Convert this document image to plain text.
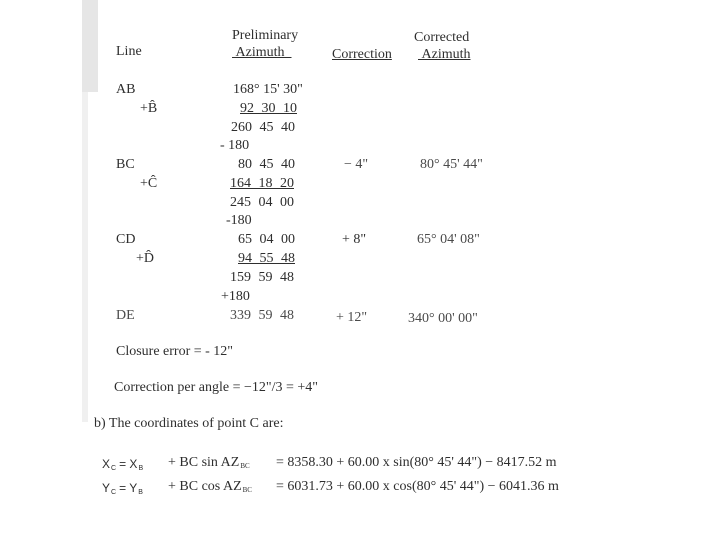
Line
Preliminary
Azimuth	Correction
Corrected
Azimuth
AB	168° 15' 30"
+B̂	92 30 10
260 45 40
- 180
BC	80 45 40	− 4"	80° 45' 44"
+Ĉ	164 18 20
245 04 00
-180
CD	65 04 00	+ 8"	65° 04' 08"
+D̂	94 55 48
159 59 48
+180
DE	339 59 48	+ 12"	340° 00' 00"
Closure error = - 12"
Correction per angle = −12"/3 = +4"
b) The coordinates of point C are:
$X_C = X_B$ + BC $\sin AZ_{BC} = 8358.30 + 60.00$ x sin(80° 45' 44") − 8417.52 m
$Y_C = Y_B$ + BC $\cos AZ_{BC} = 6031.73 + 60.00$ x cos(80° 45' 44") − 6041.36 m
